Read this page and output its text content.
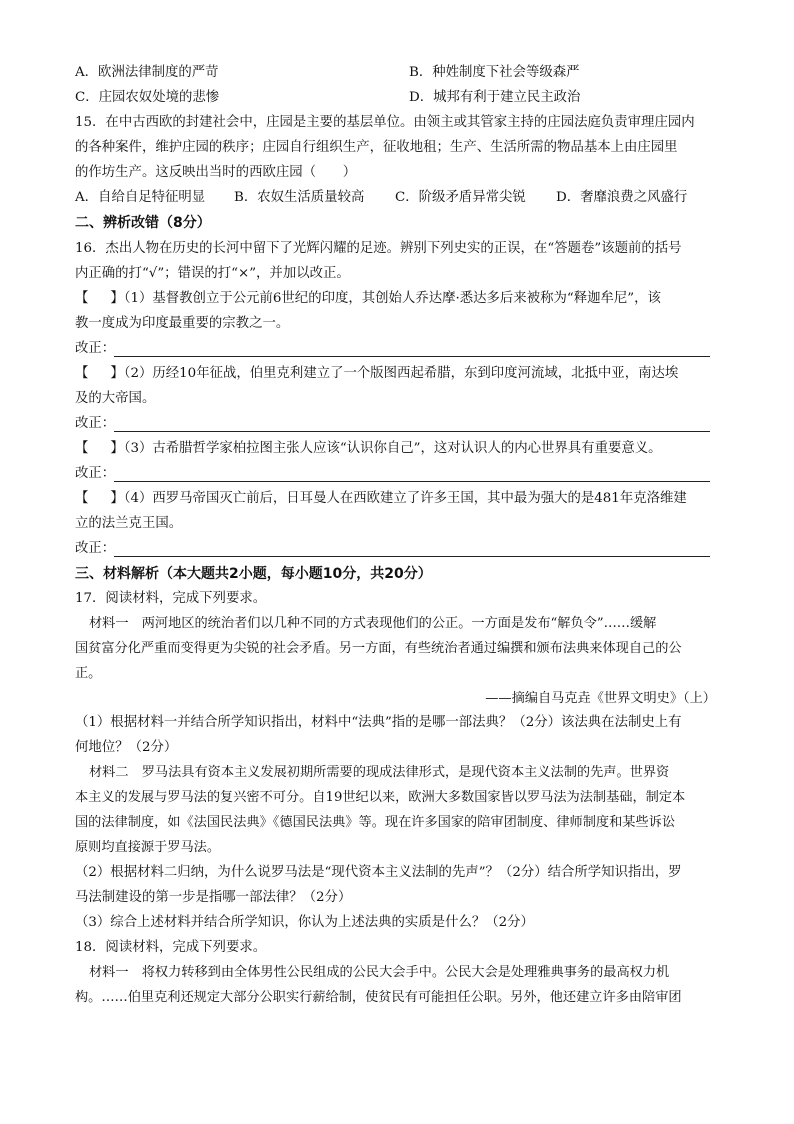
A．欧洲法律制度的严苛	B．种姓制度下社会等级森严
C．庄园农奴处境的悲惨	D．城邦有利于建立民主政治
15．在中古西欧的封建社会中，庄园是主要的基层单位。由领主或其管家主持的庄园法庭负责审理庄园内
的各种案件，维护庄园的秩序；庄园自行组织生产，征收地租；生产、生活所需的物品基本上由庄园里
的作坊生产。这反映出当时的西欧庄园（　　）
A．自给自足特征明显 B．农奴生活质量较高 C．阶级矛盾异常尖锐 D．奢靡浪费之风盛行
二、辨析改错（8分）
16．杰出人物在历史的长河中留下了光辉闪耀的足迹。辨别下列史实的正误，在“答题卷”该题前的括号
内正确的打“√”；错误的打“×”，并加以改正。
【 】（1）基督教创立于公元前6世纪的印度，其创始人乔达摩·悉达多后来被称为“释迦牟尼”，该
教一度成为印度最重要的宗教之一。
改正：
【 】（2）历经10年征战，伯里克利建立了一个版图西起希腊，东到印度河流域，北抵中亚，南达埃
及的大帝国。
改正：
【 】（3）古希腊哲学家柏拉图主张人应该“认识你自己”，这对认识人的内心世界具有重要意义。
改正：
【 】（4）西罗马帝国灭亡前后，日耳曼人在西欧建立了许多王国，其中最为强大的是481年克洛维建
立的法兰克王国。
改正：
三、材料解析（本大题共2小题，每小题10分，共20分）
17．阅读材料，完成下列要求。
材料一　两河地区的统治者们以几种不同的方式表现他们的公正。一方面是发布“解负令”……缓解
国贫富分化严重而变得更为尖锐的社会矛盾。另一方面，有些统治者通过编撰和颁布法典来体现自己的公
正。
——摘编自马克垚《世界文明史》（上）
（1）根据材料一并结合所学知识指出，材料中“法典”指的是哪一部法典？（2分）该法典在法制史上有
何地位？（2分）
材料二　罗马法具有资本主义发展初期所需要的现成法律形式，是现代资本主义法制的先声。世界资
本主义的发展与罗马法的复兴密不可分。自19世纪以来，欧洲大多数国家皆以罗马法为法制基础，制定本
国的法律制度，如《法国民法典》《德国民法典》等。现在许多国家的陪审团制度、律师制度和某些诉讼
原则均直接源于罗马法。
（2）根据材料二归纳，为什么说罗马法是“现代资本主义法制的先声”？（2分）结合所学知识指出，罗
马法制建设的第一步是指哪一部法律？（2分）
（3）综合上述材料并结合所学知识，你认为上述法典的实质是什么？（2分）
18．阅读材料，完成下列要求。
材料一　将权力转移到由全体男性公民组成的公民大会手中。公民大会是处理雅典事务的最高权力机
构。……伯里克利还规定大部分公职实行薪给制，使贫民有可能担任公职。另外，他还建立许多由陪审团
